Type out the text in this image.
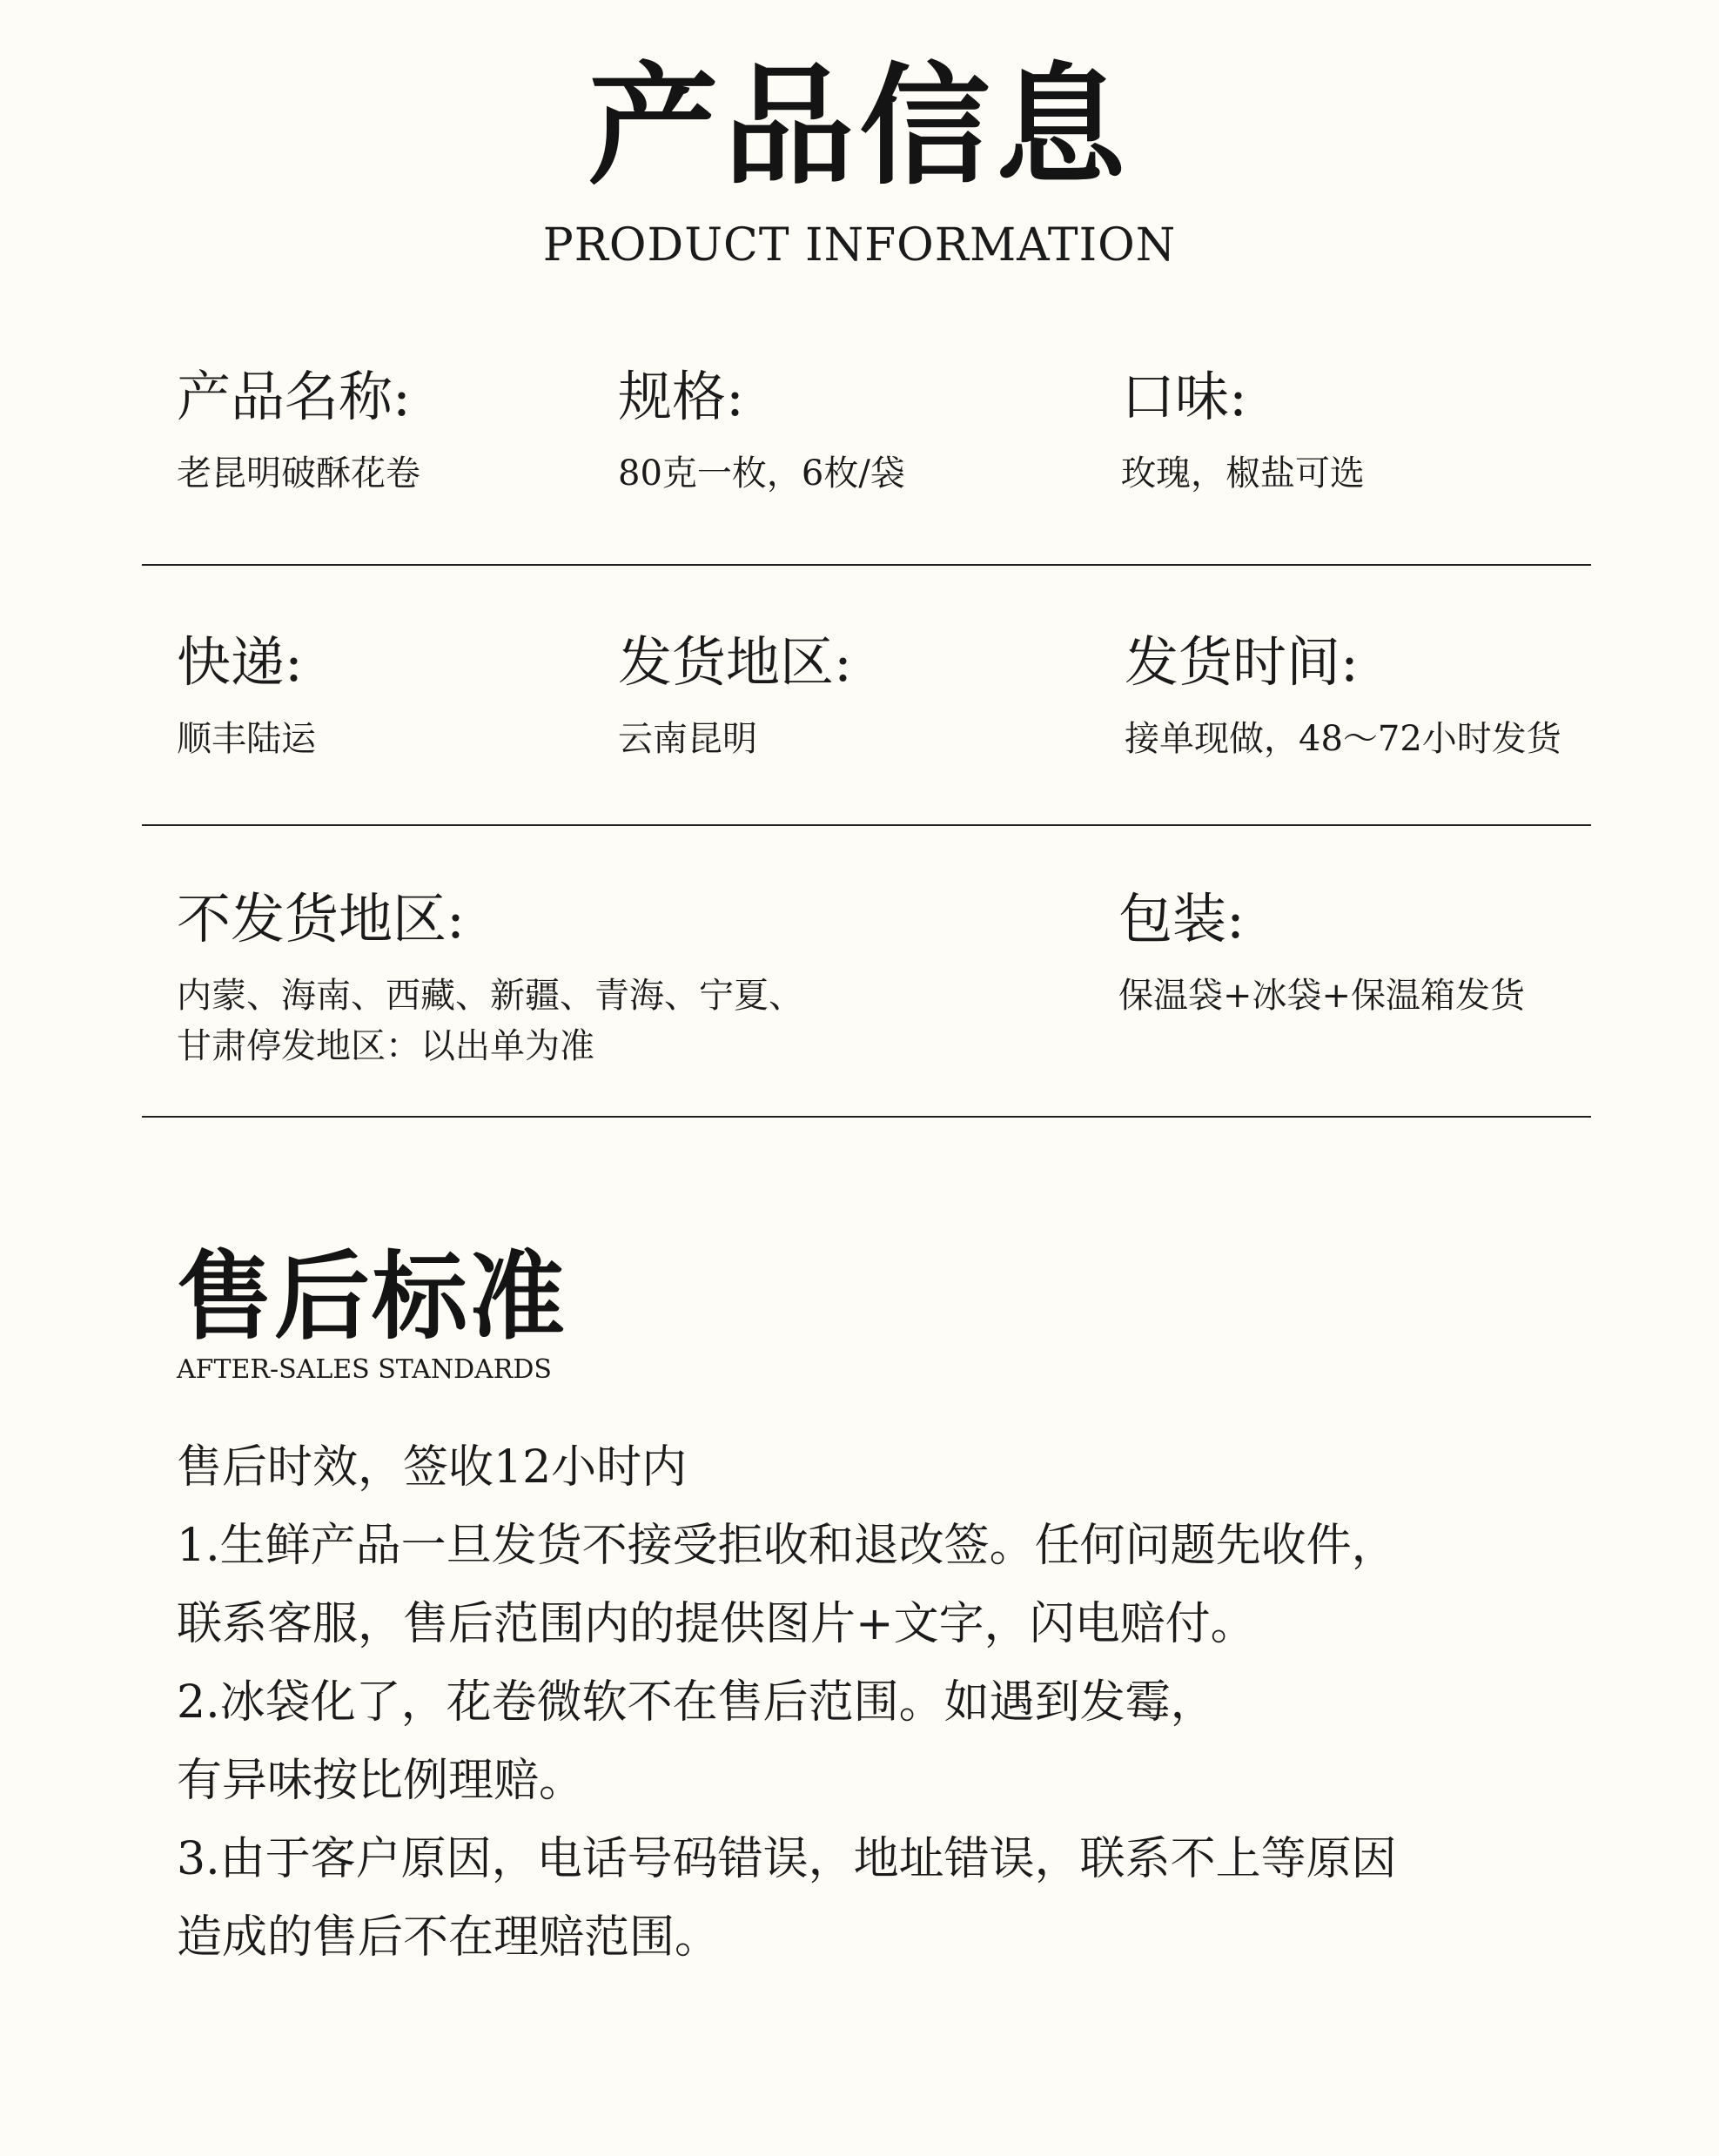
产品信息
PRODUCT INFORMATION
产品名称:
老昆明破酥花卷
规格:
80克一枚，6枚/袋
口味:
玫瑰，椒盐可选
快递:
顺丰陆运
发货地区:
云南昆明
发货时间:
接单现做，48～72小时发货
不发货地区:
内蒙、海南、西藏、新疆、青海、宁夏、
甘肃停发地区：以出单为准
包装:
保温袋+冰袋+保温箱发货
售后标准
AFTER-SALES STANDARDS
售后时效，签收12小时内
1.生鲜产品一旦发货不接受拒收和退改签。任何问题先收件，
联系客服，售后范围内的提供图片+文字，闪电赔付。
2.冰袋化了，花卷微软不在售后范围。如遇到发霉，
有异味按比例理赔。
3.由于客户原因，电话号码错误，地址错误，联系不上等原因
造成的售后不在理赔范围。
